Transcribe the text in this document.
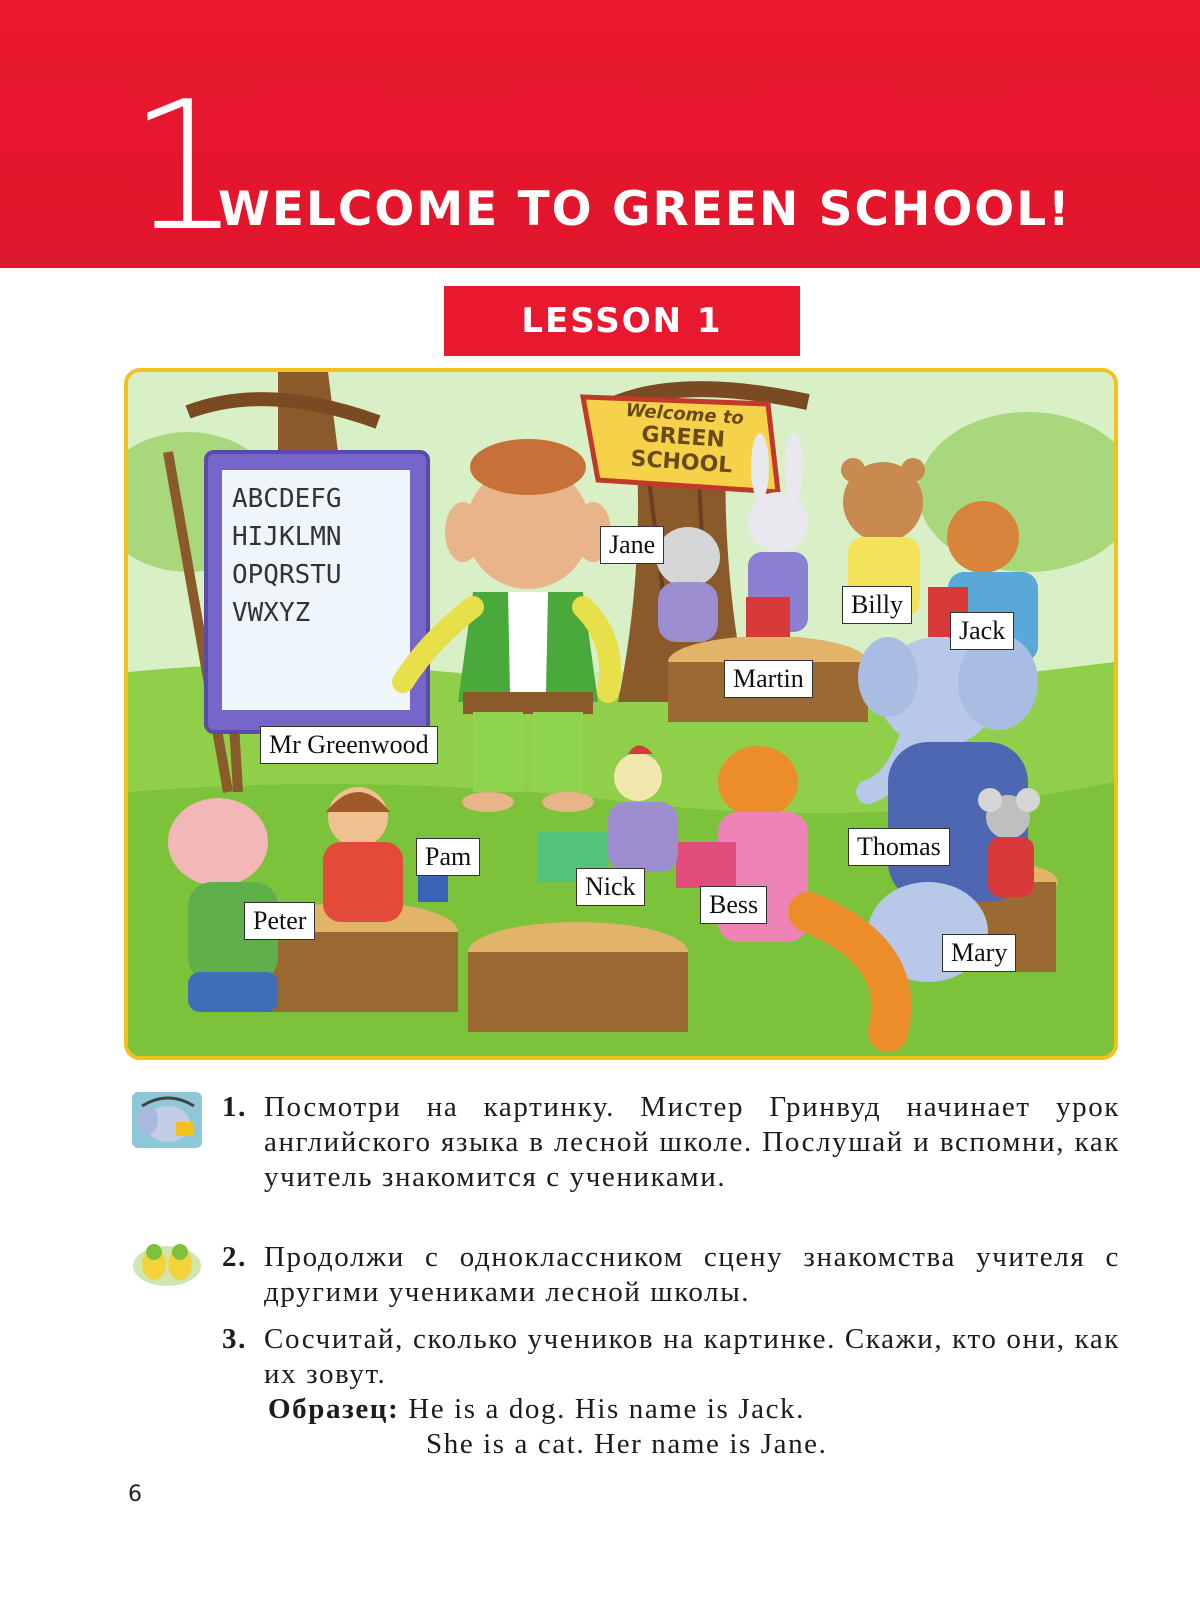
1
WELCOME TO GREEN SCHOOL!
LESSON 1
ABCDEFG
HIJKLMN
OPQRSTU
VWXYZ
Welcome to
GREEN
SCHOOL
Jane
Billy
Jack
Martin
Mr Greenwood
Pam
Nick
Bess
Thomas
Peter
Mary
1. Посмотри на картинку. Мистер Гринвуд начинает урок английского языка в лесной школе. Послушай и вспомни, как учитель знакомится с учениками.
2. Продолжи с одноклассником сцену знакомства учителя с другими учениками лесной школы.
3. Сосчитай, сколько учеников на картинке. Скажи, кто они, как их зовут.
Образец: He is a dog. His name is Jack.
She is a cat. Her name is Jane.
6
